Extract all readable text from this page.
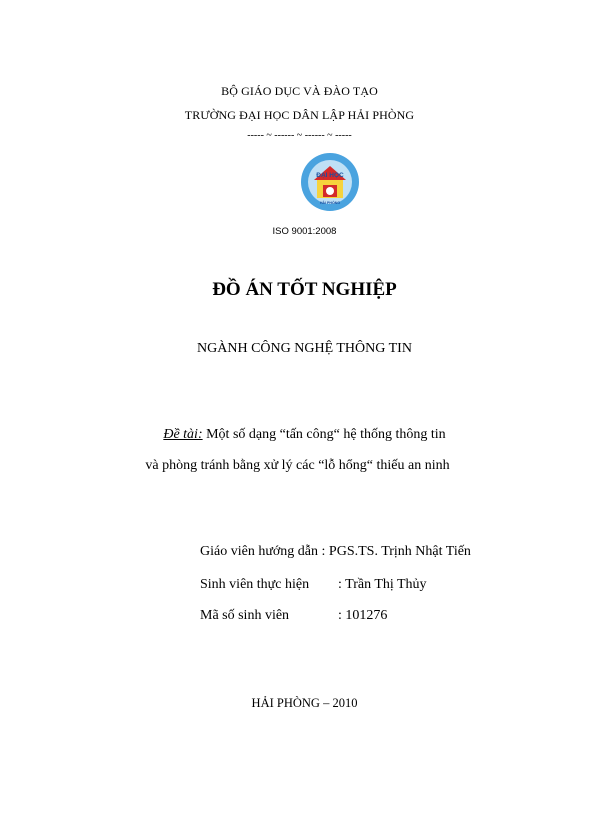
BỘ GIÁO DỤC VÀ ĐÀO TẠO
TRƯỜNG ĐẠI HỌC DÂN LẬP HẢI PHÒNG
----- ~ ------ ~ ------ ~ -----
ĐẠI HỌC
HẢI PHÒNG
ISO 9001:2008
ĐỒ ÁN TỐT NGHIỆP
NGÀNH CÔNG NGHỆ THÔNG TIN
Đề tài: Một số dạng “tấn công“ hệ thống thông tin
và phòng tránh bằng xử lý các “lỗ hổng“ thiếu an ninh
Giáo viên hướng dẫn : PGS.TS. Trịnh Nhật Tiến
Sinh viên thực hiện : Trần Thị Thủy
Mã số sinh viên	: 101276
HẢI PHÒNG – 2010
